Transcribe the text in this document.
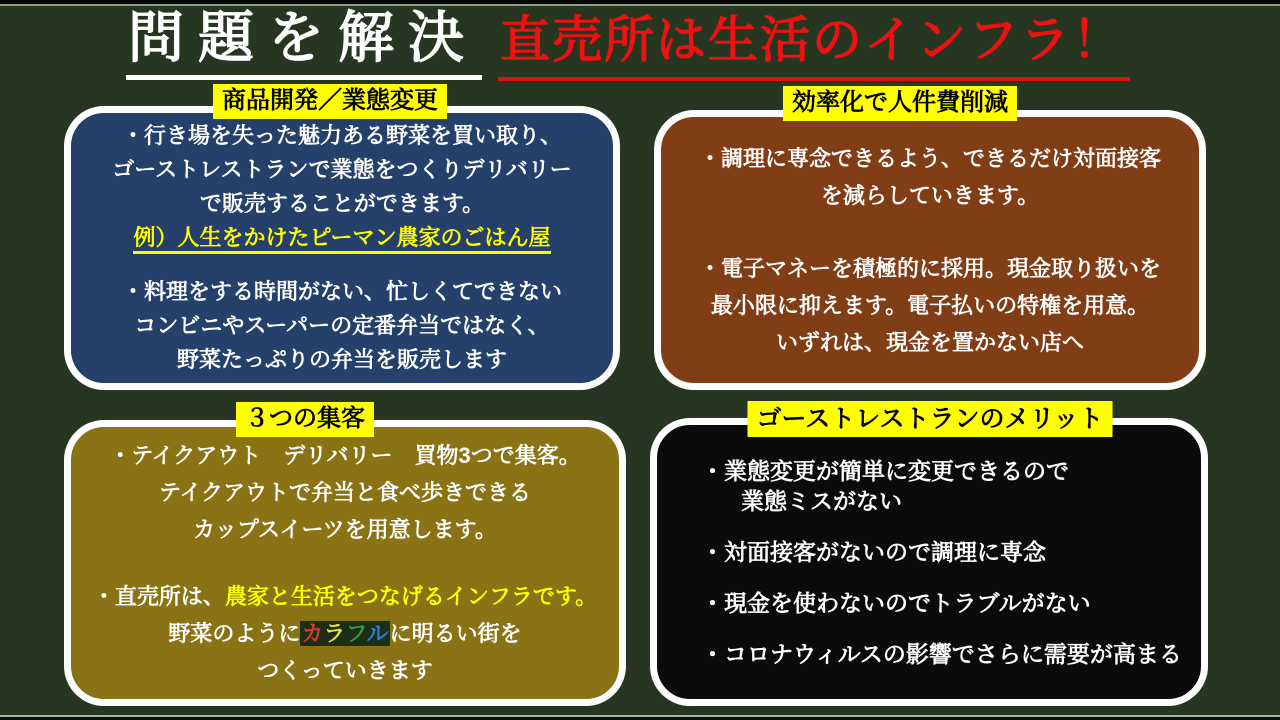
問題を解決 直売所は生活のインフラ！
商品開発／業態変更
・行き場を失った魅力ある野菜を買い取り、
ゴーストレストランで業態をつくりデリバリー
で販売することができます。
例）人生をかけたピーマン農家のごはん屋
・料理をする時間がない、忙しくてできない
コンビニやスーパーの定番弁当ではなく、
野菜たっぷりの弁当を販売します
効率化で人件費削減
・調理に専念できるよう、できるだけ対面接客
を減らしていきます。
・電子マネーを積極的に採用。現金取り扱いを
最小限に抑えます。電子払いの特権を用意。
いずれは、現金を置かない店へ
３つの集客
・テイクアウト　デリバリー　買物3つで集客。
テイクアウトで弁当と食べ歩きできる
カップスイーツを用意します。
・直売所は、農家と生活をつなげるインフラです。
野菜のようにカラフルに明るい街を
つくっていきます
ゴーストレストランのメリット
・業態変更が簡単に変更できるので
業態ミスがない
・対面接客がないので調理に専念
・現金を使わないのでトラブルがない
・コロナウィルスの影響でさらに需要が高まる
